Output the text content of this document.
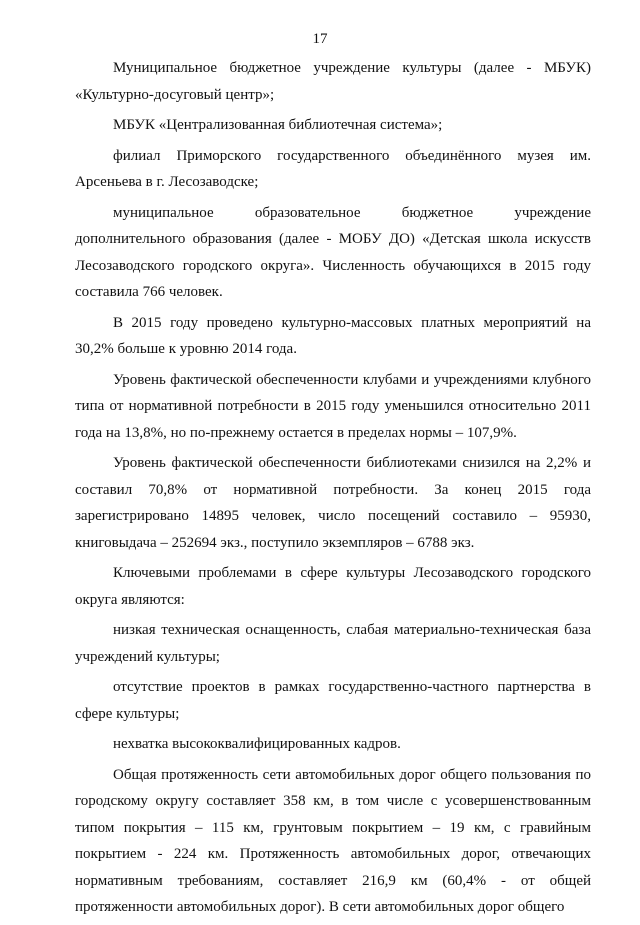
17

Муниципальное бюджетное учреждение культуры (далее - МБУК) «Культурно-досуговый центр»;

МБУК «Централизованная библиотечная система»;

филиал Приморского государственного объединённого музея им. Арсеньева в г. Лесозаводске;

муниципальное образовательное бюджетное учреждение дополнительного образования (далее - МОБУ ДО) «Детская школа искусств Лесозаводского городского округа». Численность обучающихся в 2015 году составила 766 человек.

В 2015 году проведено культурно-массовых платных мероприятий на 30,2% больше к уровню 2014 года.

Уровень фактической обеспеченности клубами и учреждениями клубного типа от нормативной потребности в 2015 году уменьшился относительно 2011 года на 13,8%, но по-прежнему остается в пределах нормы – 107,9%.

Уровень фактической обеспеченности библиотеками снизился на 2,2% и составил 70,8% от нормативной потребности. За конец 2015 года зарегистрировано 14895 человек, число посещений составило – 95930, книговыдача – 252694 экз., поступило экземпляров – 6788 экз.

Ключевыми проблемами в сфере культуры Лесозаводского городского округа являются:

низкая техническая оснащенность, слабая материально-техническая база учреждений культуры;

отсутствие проектов в рамках государственно-частного партнерства в сфере культуры;

нехватка высококвалифицированных кадров.

Общая протяженность сети автомобильных дорог общего пользования по городскому округу составляет 358 км, в том числе с усовершенствованным типом покрытия – 115 км, грунтовым покрытием – 19 км, с гравийным покрытием - 224 км. Протяженность автомобильных дорог, отвечающих нормативным требованиям, составляет 216,9 км (60,4% - от общей протяженности автомобильных дорог). В сети автомобильных дорог общего
